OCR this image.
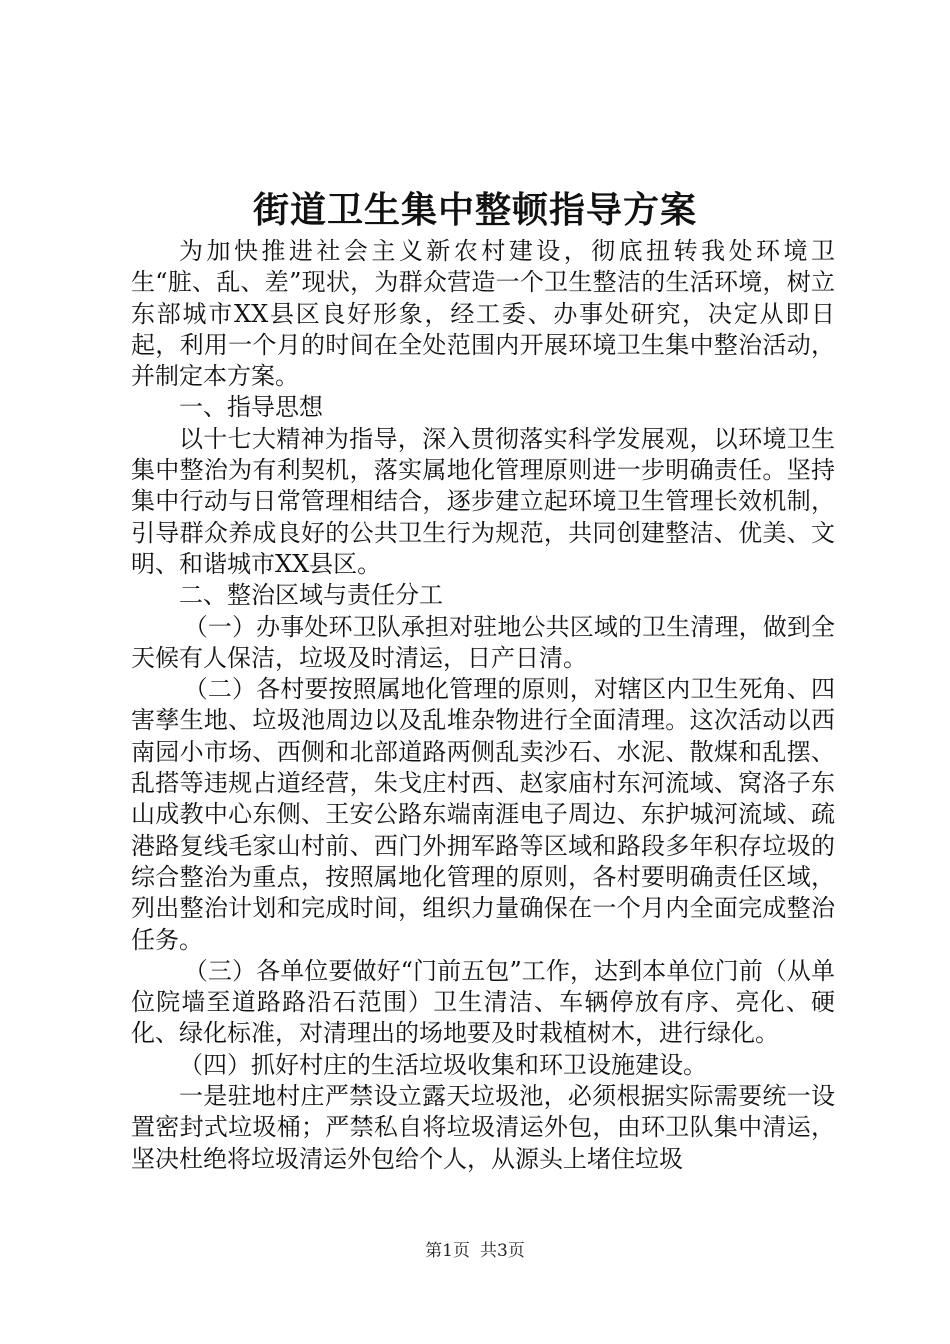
街道卫生集中整顿指导方案

为加快推进社会主义新农村建设，彻底扭转我处环境卫生“脏、乱、差”现状，为群众营造一个卫生整洁的生活环境，树立东部城市XX县区良好形象，经工委、办事处研究，决定从即日起，利用一个月的时间在全处范围内开展环境卫生集中整治活动，并制定本方案。

一、指导思想

以十七大精神为指导，深入贯彻落实科学发展观，以环境卫生集中整治为有利契机，落实属地化管理原则进一步明确责任。坚持集中行动与日常管理相结合，逐步建立起环境卫生管理长效机制，引导群众养成良好的公共卫生行为规范，共同创建整洁、优美、文明、和谐城市XX县区。

二、整治区域与责任分工

（一）办事处环卫队承担对驻地公共区域的卫生清理，做到全天候有人保洁，垃圾及时清运，日产日清。

（二）各村要按照属地化管理的原则，对辖区内卫生死角、四害孳生地、垃圾池周边以及乱堆杂物进行全面清理。这次活动以西南园小市场、西侧和北部道路两侧乱卖沙石、水泥、散煤和乱摆、乱搭等违规占道经营，朱戈庄村西、赵家庙村东河流域、窝洛子东山成教中心东侧、王安公路东端南涯电子周边、东护城河流域、疏港路复线毛家山村前、西门外拥军路等区域和路段多年积存垃圾的综合整治为重点，按照属地化管理的原则，各村要明确责任区域，列出整治计划和完成时间，组织力量确保在一个月内全面完成整治任务。

（三）各单位要做好“门前五包”工作，达到本单位门前（从单位院墙至道路路沿石范围）卫生清洁、车辆停放有序、亮化、硬化、绿化标准，对清理出的场地要及时栽植树木，进行绿化。

（四）抓好村庄的生活垃圾收集和环卫设施建设。

一是驻地村庄严禁设立露天垃圾池，必须根据实际需要统一设置密封式垃圾桶；严禁私自将垃圾清运外包，由环卫队集中清运，坚决杜绝将垃圾清运外包给个人，从源头上堵住垃圾

第1页 共3页
